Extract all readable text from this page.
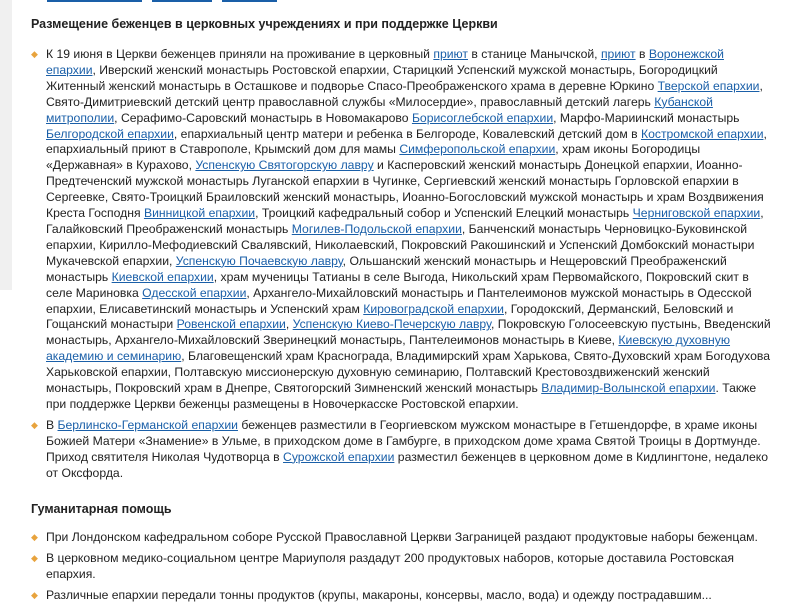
Размещение беженцев в церковных учреждениях и при поддержке Церкви
◆ К 19 июня в Церкви беженцев приняли на проживание в церковный приют в станице Манычской, приют в Воронежской епархии, Иверский женский монастырь Ростовской епархии, Старицкий Успенский мужской монастырь, Богородицкий Житенный женский монастырь в Осташкове и подворье Спасо-Преображенского храма в деревне Юркино Тверской епархии, Свято-Димитриевский детский центр православной службы «Милосердие», православный детский лагерь Кубанской митрополии, Серафимо-Саровский монастырь в Новомакарово Борисоглебской епархии, Марфо-Мариинский монастырь Белгородской епархии, епархиальный центр матери и ребенка в Белгороде, Ковалевский детский дом в Костромской епархии, епархиальный приют в Ставрополе, Крымский дом для мамы Симферопольской епархии, храм иконы Богородицы «Державная» в Курахово, Успенскую Святогорскую лавру и Касперовский женский монастырь Донецкой епархии, Иоанно-Предтеченский мужской монастырь Луганской епархии в Чугинке, Сергиевский женский монастырь Горловской епархии в Сергеевке, Свято-Троицкий Браиловский женский монастырь, Иоанно-Богословский мужской монастырь и храм Воздвижения Креста Господня Винницкой епархии, Троицкий кафедральный собор и Успенский Елецкий монастырь Черниговской епархии, Галайковский Преображенский монастырь Могилев-Подольской епархии, Банченский монастырь Черновицко-Буковинской епархии, Кирилло-Мефодиевский Свалявский, Николаевский, Покровский Ракошинский и Успенский Домбокский монастыри Мукачевской епархии, Успенскую Почаевскую лавру, Ольшанский женский монастырь и Нещеровский Преображенский монастырь Киевской епархии, храм мученицы Татианы в селе Выгода, Никольский храм Первомайского, Покровский скит в селе Мариновка Одесской епархии, Архангело-Михайловский монастырь и Пантелеимонов мужской монастырь в Одесской епархии, Елисаветинский монастырь и Успенский храм Кировоградской епархии, Городокский, Дерманский, Беловский и Гощанский монастыри Ровенской епархии, Успенскую Киево-Печерскую лавру, Покровскую Голосеевскую пустынь, Введенский монастырь, Архангело-Михайловский Зверинецкий монастырь, Пантелеимонов монастырь в Киеве, Киевскую духовную академию и семинарию, Благовещенский храм Краснограда, Владимирский храм Харькова, Свято-Духовский храм Богодухова Харьковской епархии, Полтавскую миссионерскую духовную семинарию, Полтавский Крестовоздвиженский женский монастырь, Покровский храм в Днепре, Святогорский Зимненский женский монастырь Владимир-Волынской епархии. Также при поддержке Церкви беженцы размещены в Новочеркасске Ростовской епархии.
◆ В Берлинско-Германской епархии беженцев разместили в Георгиевском мужском монастыре в Гетшендорфе, в храме иконы Божией Матери «Знамение» в Ульме, в приходском доме в Гамбурге, в приходском доме храма Святой Троицы в Дортмунде. Приход святителя Николая Чудотворца в Сурожской епархии разместил беженцев в церковном доме в Кидлингтоне, недалеко от Оксфорда.
Гуманитарная помощь
◆ При Лондонском кафедральном соборе Русской Православной Церкви Заграницей раздают продуктовые наборы беженцам.
◆ В церковном медико-социальном центре Мариуполя раздадут 200 продуктовых наборов, которые доставила Ростовская епархия.
◆ Различные епархии передали тонны продуктов (крупы, макароны, консервы, масло, вода) и одежду пострадавшим...
